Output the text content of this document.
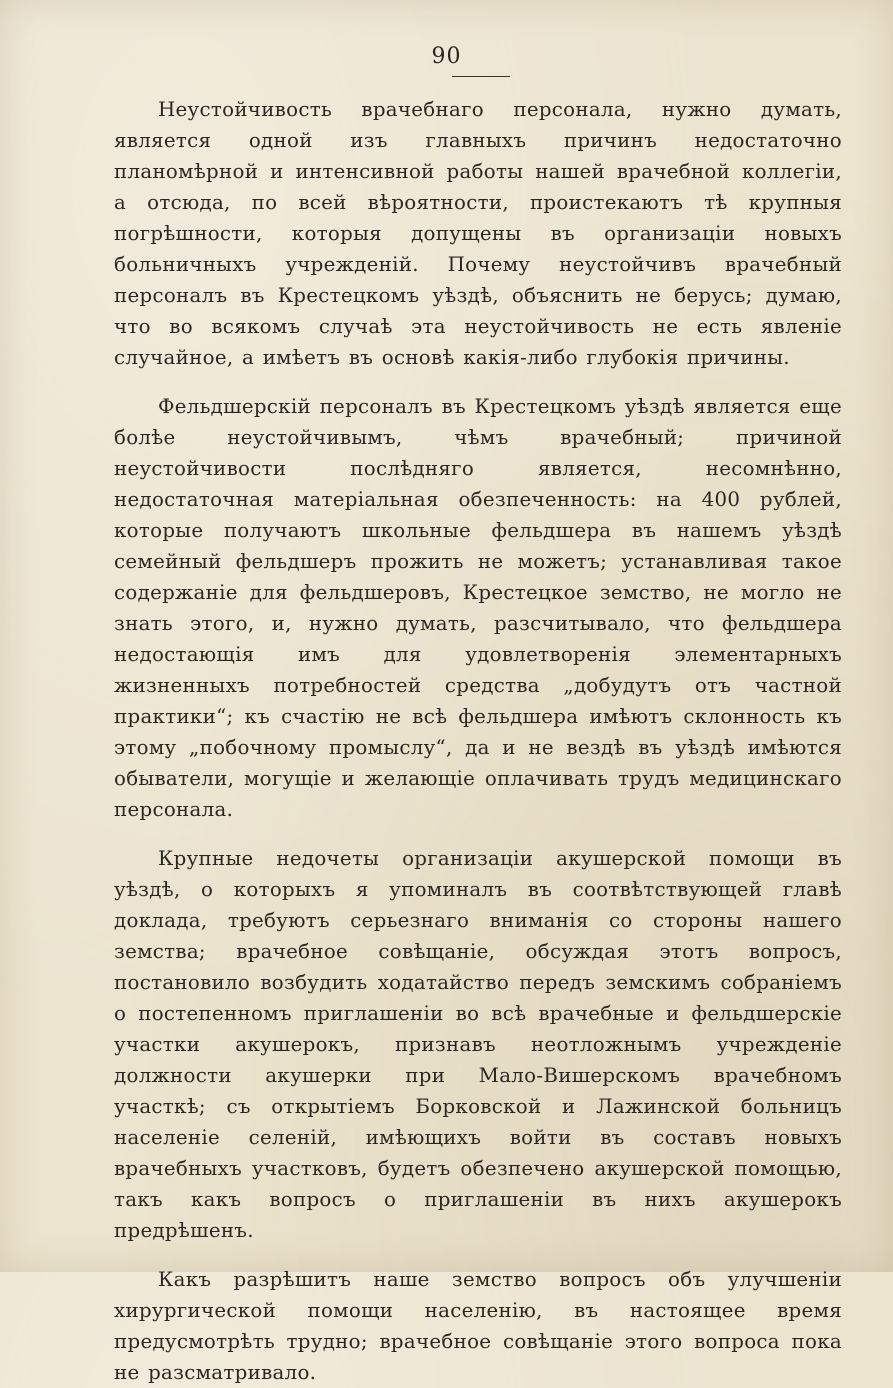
90

Неустойчивость врачебнаго персонала, нужно думать, является одной изъ главныхъ причинъ недостаточно планомѣрной и интенсивной работы нашей врачебной коллегіи, а отсюда, по всей вѣроятности, проистекаютъ тѣ крупныя погрѣшности, которыя допущены въ организаціи новыхъ больничныхъ учрежденій. Почему неустойчивъ врачебный персоналъ въ Крестецкомъ уѣздѣ, объяснить не берусь; думаю, что во всякомъ случаѣ эта неустойчивость не есть явленіе случайное, а имѣетъ въ основѣ какія-либо глубокія причины.

Фельдшерскій персоналъ въ Крестецкомъ уѣздѣ является еще болѣе неустойчивымъ, чѣмъ врачебный; причиной неустойчивости послѣдняго является, несомнѣнно, недостаточная матеріальная обезпеченность: на 400 рублей, которые получаютъ школьные фельдшера въ нашемъ уѣздѣ семейный фельдшеръ прожить не можетъ; устанавливая такое содержаніе для фельдшеровъ, Крестецкое земство, не могло не знать этого, и, нужно думать, разсчитывало, что фельдшера недостающія имъ для удовлетворенія элементарныхъ жизненныхъ потребностей средства „добудутъ отъ частной практики“; къ счастію не всѣ фельдшера имѣютъ склонность къ этому „побочному промыслу“, да и не вездѣ въ уѣздѣ имѣются обыватели, могущіе и желающіе оплачивать трудъ медицинскаго персонала.

Крупные недочеты организаціи акушерской помощи въ уѣздѣ, о которыхъ я упоминалъ въ соотвѣтствующей главѣ доклада, требуютъ серьезнаго вниманія со стороны нашего земства; врачебное совѣщаніе, обсуждая этотъ вопросъ, постановило возбудить ходатайство передъ земскимъ собраніемъ о постепенномъ приглашеніи во всѣ врачебные и фельдшерскіе участки акушерокъ, признавъ неотложнымъ учрежденіе должности акушерки при Мало-Вишерскомъ врачебномъ участкѣ; съ открытіемъ Борковской и Лажинской больницъ населеніе селеній, имѣющихъ войти въ составъ новыхъ врачебныхъ участковъ, будетъ обезпечено акушерской помощью, такъ какъ вопросъ о приглашеніи въ нихъ акушерокъ предрѣшенъ.

Какъ разрѣшитъ наше земство вопросъ объ улучшеніи хирургической помощи населенію, въ настоящее время предусмотрѣть трудно; врачебное совѣщаніе этого вопроса пока не разсматривало.
